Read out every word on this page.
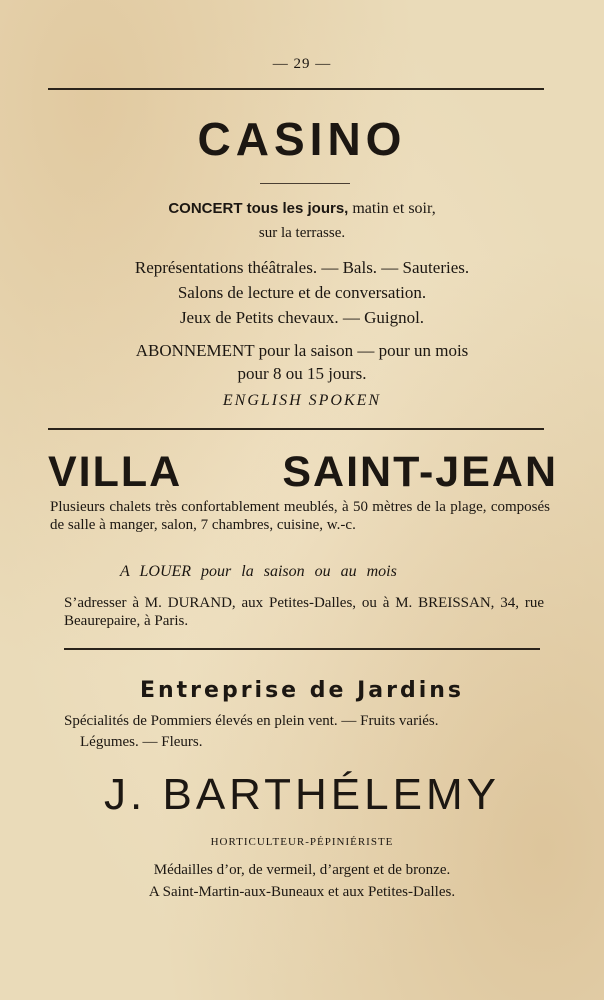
— 29 —
CASINO
CONCERT tous les jours, matin et soir,
sur la terrasse.
Représentations théâtrales. — Bals. — Sauteries.
Salons de lecture et de conversation.
Jeux de Petits chevaux. — Guignol.
ABONNEMENT pour la saison — pour un mois
pour 8 ou 15 jours.
ENGLISH SPOKEN
VILLA SAINT-JEAN
Plusieurs chalets très confortablement meublés, à 50 mètres de la plage, composés de salle à manger, salon, 7 chambres, cuisine, w.-c.
A LOUER pour la saison ou au mois
S’adresser à M. DURAND, aux Petites-Dalles, ou à M. BREISSAN, 34, rue Beaurepaire, à Paris.
Entreprise de Jardins
Spécialités de Pommiers élevés en plein vent. — Fruits variés.
Légumes. — Fleurs.
J. BARTHÉLEMY
HORTICULTEUR-PÉPINIÉRISTE
Médailles d’or, de vermeil, d’argent et de bronze.
A Saint-Martin-aux-Buneaux et aux Petites-Dalles.
